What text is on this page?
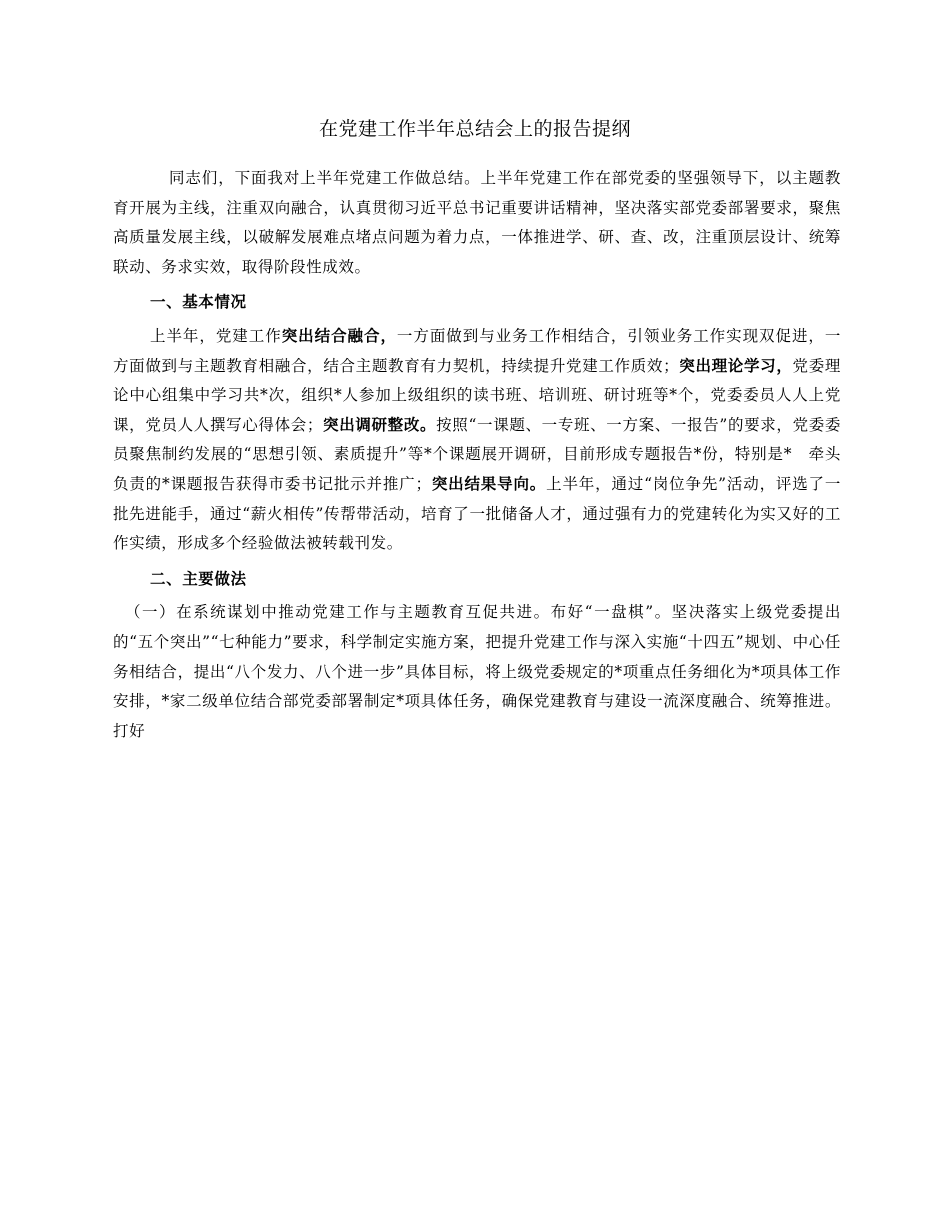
在党建工作半年总结会上的报告提纲

同志们，下面我对上半年党建工作做总结。上半年党建工作在部党委的坚强领导下，以主题教育开展为主线，注重双向融合，认真贯彻习近平总书记重要讲话精神，坚决落实部党委部署要求，聚焦高质量发展主线，以破解发展难点堵点问题为着力点，一体推进学、研、查、改，注重顶层设计、统筹联动、务求实效，取得阶段性成效。

一、基本情况

上半年，党建工作突出结合融合，一方面做到与业务工作相结合，引领业务工作实现双促进，一方面做到与主题教育相融合，结合主题教育有力契机，持续提升党建工作质效；突出理论学习，党委理论中心组集中学习共*次，组织*人参加上级组织的读书班、培训班、研讨班等*个，党委委员人人上党课，党员人人撰写心得体会；突出调研整改。按照“一课题、一专班、一方案、一报告”的要求，党委委员聚焦制约发展的“思想引领、素质提升”等*个课题展开调研，目前形成专题报告*份，特别是*　牵头负责的*课题报告获得市委书记批示并推广；突出结果导向。上半年，通过“岗位争先”活动，评选了一批先进能手，通过“薪火相传”传帮带活动，培育了一批储备人才，通过强有力的党建转化为实又好的工作实绩，形成多个经验做法被转载刊发。

二、主要做法

（一）在系统谋划中推动党建工作与主题教育互促共进。布好“一盘棋”。坚决落实上级党委提出的“五个突出”“七种能力”要求，科学制定实施方案，把提升党建工作与深入实施“十四五”规划、中心任务相结合，提出“八个发力、八个进一步”具体目标，将上级党委规定的*项重点任务细化为*项具体工作安排，*家二级单位结合部党委部署制定*项具体任务，确保党建教育与建设一流深度融合、统筹推进。打好
